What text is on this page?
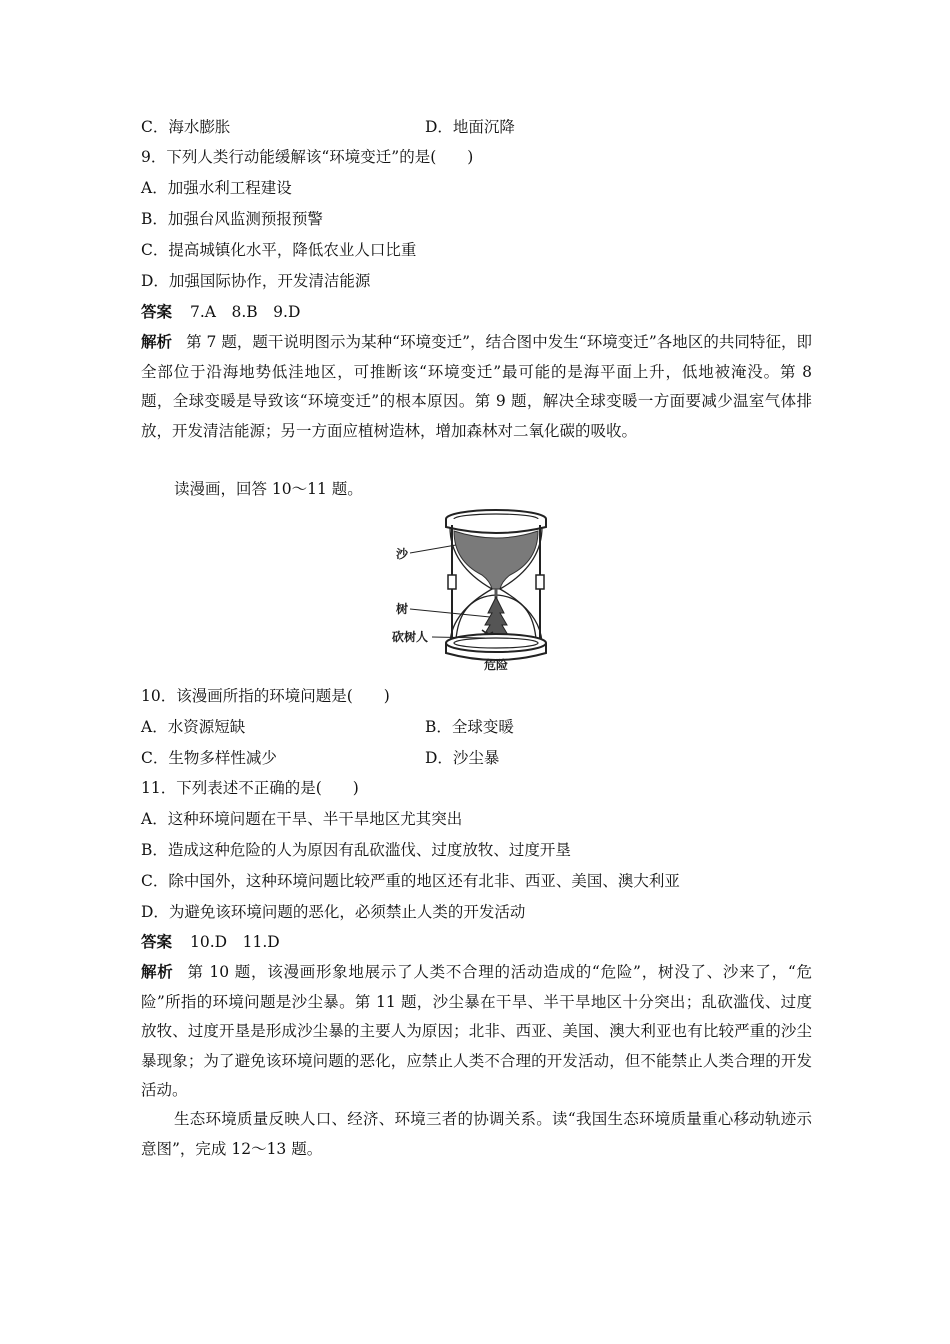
C．海水膨胀	D．地面沉降
9．下列人类行动能缓解该“环境变迁”的是(　　)
A．加强水利工程建设
B．加强台风监测预报预警
C．提高城镇化水平，降低农业人口比重
D．加强国际协作，开发清洁能源
答案 7.A　8.B　9.D
解析 第 7 题，题干说明图示为某种“环境变迁”，结合图中发生“环境变迁”各地区的共同特征，即全部位于沿海地势低洼地区，可推断该“环境变迁”最可能的是海平面上升，低地被淹没。第 8 题，全球变暖是导致该“环境变迁”的根本原因。第 9 题，解决全球变暖一方面要减少温室气体排放，开发清洁能源；另一方面应植树造林，增加森林对二氧化碳的吸收。
读漫画，回答 10～11 题。
沙
树
砍树人
危险
10．该漫画所指的环境问题是(　　)
A．水资源短缺	B．全球变暖
C．生物多样性减少	D．沙尘暴
11．下列表述不正确的是(　　)
A．这种环境问题在干旱、半干旱地区尤其突出
B．造成这种危险的人为原因有乱砍滥伐、过度放牧、过度开垦
C．除中国外，这种环境问题比较严重的地区还有北非、西亚、美国、澳大利亚
D．为避免该环境问题的恶化，必须禁止人类的开发活动
答案 10.D　11.D
解析 第 10 题，该漫画形象地展示了人类不合理的活动造成的“危险”，树没了、沙来了，“危险”所指的环境问题是沙尘暴。第 11 题，沙尘暴在干旱、半干旱地区十分突出；乱砍滥伐、过度放牧、过度开垦是形成沙尘暴的主要人为原因；北非、西亚、美国、澳大利亚也有比较严重的沙尘暴现象；为了避免该环境问题的恶化，应禁止人类不合理的开发活动，但不能禁止人类合理的开发活动。
生态环境质量反映人口、经济、环境三者的协调关系。读“我国生态环境质量重心移动轨迹示意图”，完成 12～13 题。
